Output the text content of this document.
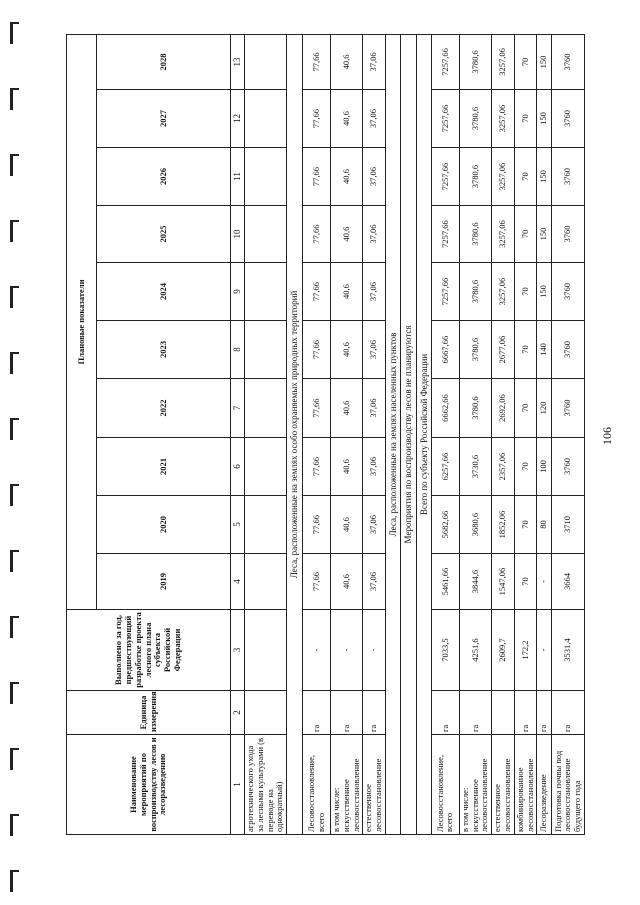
106
Наименование мероприятий по воспроизводству лесов и лесоразведению	Единица измерения	Выполнено за год, предшествующий разработке проекта лесного плана субъекта Российской Федерации	Плановые показатели									
			2019	2020	2021	2022	2023	2024	2025	2026	2027	2028
1	2	3	4	5	6	7	8	9	10	11	12	13
агротехнического ухода за лесными культурами (в переводе на однократный)												
Леса, расположенные на землях особо охраняемых природных территорий												
Лесовосстановление, всего	га	-	77,66	77,66	77,66	77,66	77,66	77,66	77,66	77,66	77,66	77,66
в том числе: искусственное лесовосстановление	га	-	40,6	40,6	40,6	40,6	40,6	40,6	40,6	40,6	40,6	40,6
естественное лесовосстановление	га	-	37,06	37,06	37,06	37,06	37,06	37,06	37,06	37,06	37,06	37,06
Леса, расположенные на землях населенных пунктов												
Мероприятия по воспроизводству лесов не планируются												
Всего по субъекту Российской Федерации												
Лесовосстановление, всего	га	7033,5	5461,66	5682,66	6257,66	6662,66	6667,66	7257,66	7257,66	7257,66	7257,66	7257,66
в том числе: искусственное лесовосстановление	га	4251,6	3844,6	3680,6	3730,6	3780,6	3780,6	3780,6	3780,6	3780,6	3780,6	3780,6
естественное лесовосстановление		2609,7	1547,06	1852,06	2357,06	2692,06	2677,06	3257,06	3257,06	3257,06	3257,06	3257,06
комбинированное лесовосстановление	га	172,2	70	70	70	70	70	70	70	70	70	70
Лесоразведение	га	-	-	80	100	120	140	150	150	150	150	150
Подготовка почвы под лесовосстановление будущего года	га	3531,4	3664	3710	3760	3760	3760	3760	3760	3760	3760	3760
